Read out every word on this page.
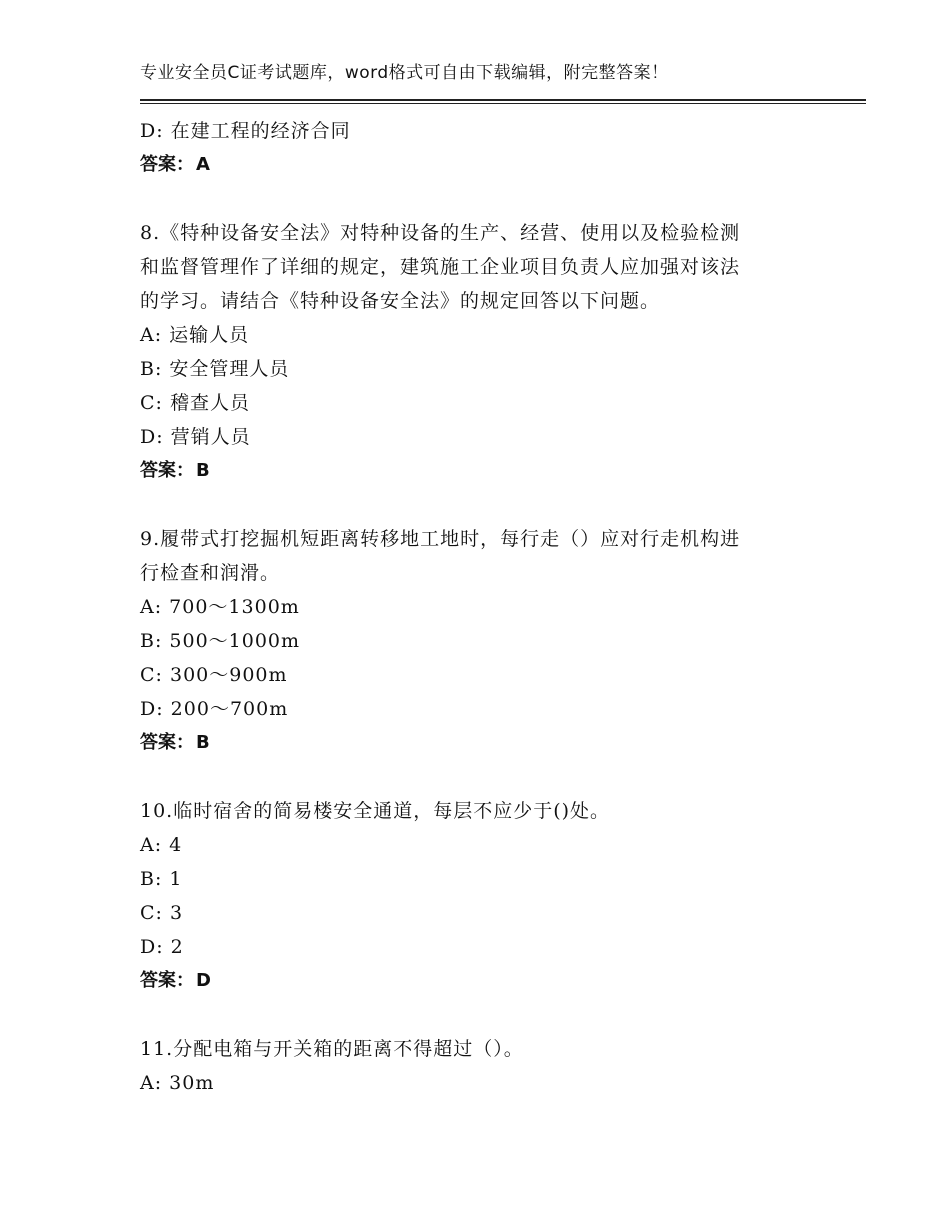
专业安全员C证考试题库，word格式可自由下载编辑，附完整答案！
D: 在建工程的经济合同
答案： A
8.《特种设备安全法》对特种设备的生产、经营、使用以及检验检测
和监督管理作了详细的规定，建筑施工企业项目负责人应加强对该法
的学习。请结合《特种设备安全法》的规定回答以下问题。
A: 运输人员
B: 安全管理人员
C: 稽查人员
D: 营销人员
答案： B
9.履带式打挖掘机短距离转移地工地时，每行走（）应对行走机构进
行检查和润滑。
A: 700～1300m
B: 500～1000m
C: 300～900m
D: 200～700m
答案： B
10.临时宿舍的简易楼安全通道，每层不应少于()处。
A: 4
B: 1
C: 3
D: 2
答案： D
11.分配电箱与开关箱的距离不得超过（）。
A: 30m
